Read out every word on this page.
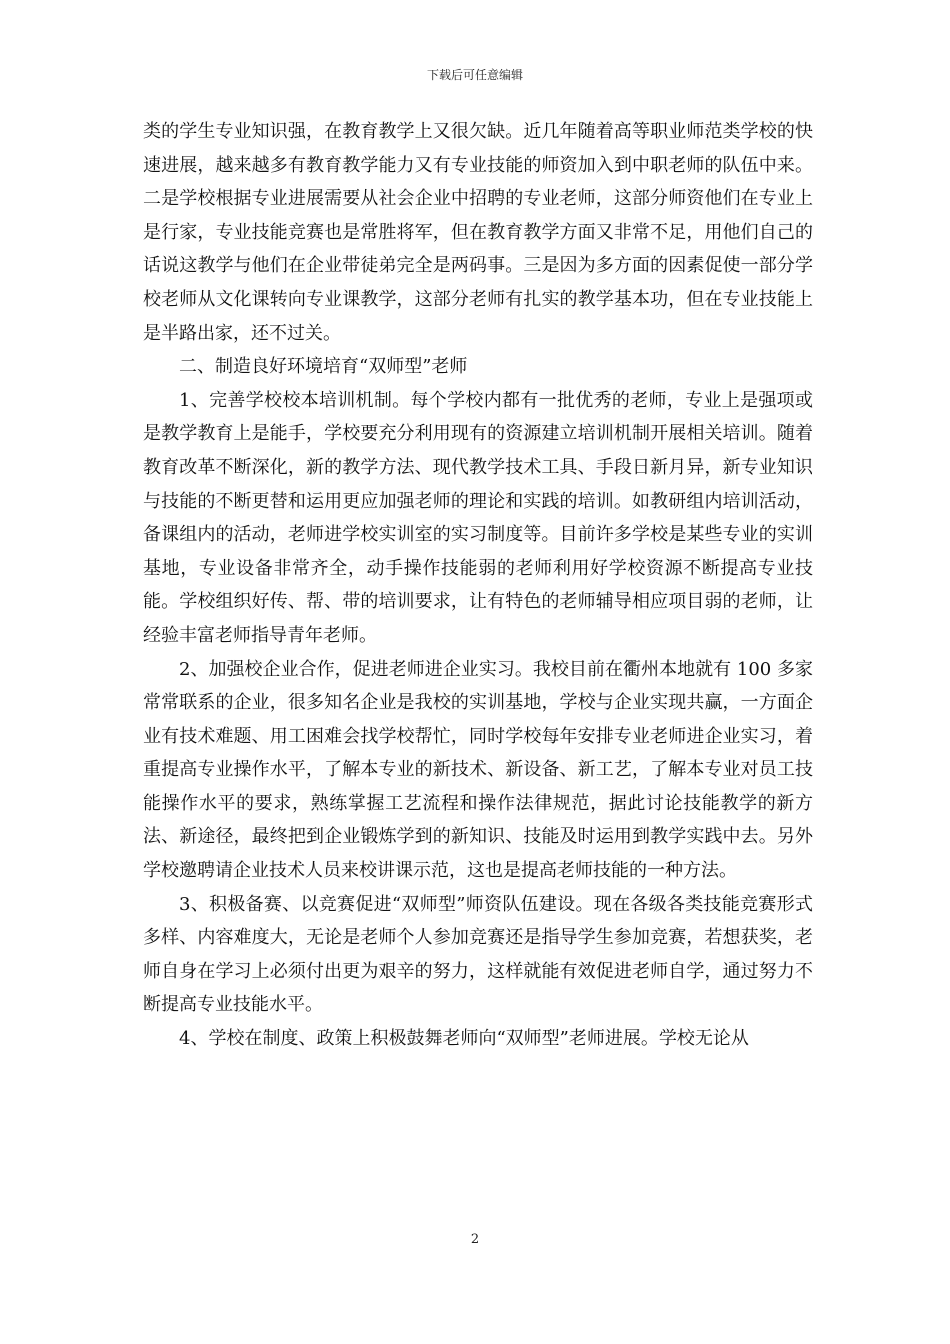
下载后可任意编辑

类的学生专业知识强，在教育教学上又很欠缺。近几年随着高等职业师范类学校的快速进展，越来越多有教育教学能力又有专业技能的师资加入到中职老师的队伍中来。二是学校根据专业进展需要从社会企业中招聘的专业老师，这部分师资他们在专业上是行家，专业技能竞赛也是常胜将军，但在教育教学方面又非常不足，用他们自己的话说这教学与他们在企业带徒弟完全是两码事。三是因为多方面的因素促使一部分学校老师从文化课转向专业课教学，这部分老师有扎实的教学基本功，但在专业技能上是半路出家，还不过关。

二、制造良好环境培育“双师型”老师

1、完善学校校本培训机制。每个学校内都有一批优秀的老师，专业上是强项或是教学教育上是能手，学校要充分利用现有的资源建立培训机制开展相关培训。随着教育改革不断深化，新的教学方法、现代教学技术工具、手段日新月异，新专业知识与技能的不断更替和运用更应加强老师的理论和实践的培训。如教研组内培训活动，备课组内的活动，老师进学校实训室的实习制度等。目前许多学校是某些专业的实训基地，专业设备非常齐全，动手操作技能弱的老师利用好学校资源不断提高专业技能。学校组织好传、帮、带的培训要求，让有特色的老师辅导相应项目弱的老师，让经验丰富老师指导青年老师。

2、加强校企业合作，促进老师进企业实习。我校目前在衢州本地就有 100 多家常常联系的企业，很多知名企业是我校的实训基地，学校与企业实现共赢，一方面企业有技术难题、用工困难会找学校帮忙，同时学校每年安排专业老师进企业实习，着重提高专业操作水平，了解本专业的新技术、新设备、新工艺，了解本专业对员工技能操作水平的要求，熟练掌握工艺流程和操作法律规范，据此讨论技能教学的新方法、新途径，最终把到企业锻炼学到的新知识、技能及时运用到教学实践中去。另外学校邀聘请企业技术人员来校讲课示范，这也是提高老师技能的一种方法。

3、积极备赛、以竞赛促进“双师型”师资队伍建设。现在各级各类技能竞赛形式多样、内容难度大，无论是老师个人参加竞赛还是指导学生参加竞赛，若想获奖，老师自身在学习上必须付出更为艰辛的努力，这样就能有效促进老师自学，通过努力不断提高专业技能水平。

4、学校在制度、政策上积极鼓舞老师向“双师型”老师进展。学校无论从

2
